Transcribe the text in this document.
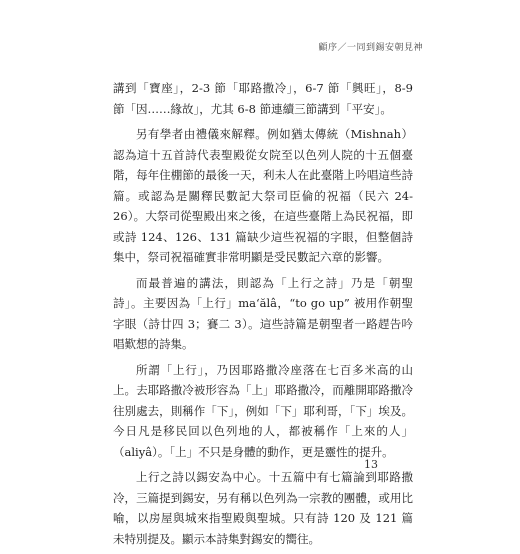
顧序／一同到錫安朝見神

講到「寶座」，2-3 節「耶路撒冷」，6-7 節「興旺」，8-9 節「因……緣故」，尤其 6-8 節連續三節講到「平安」。

另有學者由禮儀來解釋。例如猶太傳統（Mishnah）認為這十五首詩代表聖殿從女院至以色列人院的十五個臺階，每年住棚節的最後一天，利未人在此臺階上吟唱這些詩篇。或認為是關釋民數記大祭司臣倫的祝福（民六 24-26）。大祭司從聖殿出來之後，在這些臺階上為民祝福，即或詩 124、126、131 篇缺少這些祝福的字眼，但整個詩集中，祭司祝福確實非常明顯是受民數記六章的影響。

而最普遍的講法，則認為「上行之詩」乃是「朝聖詩」。主要因為「上行」ma‘ălâ，“to go up” 被用作朝聖字眼（詩廿四 3；賽二 3）。這些詩篇是朝聖者一路趕告吟唱歎想的詩集。

所謂「上行」，乃因耶路撒冷座落在七百多米高的山上。去耶路撒冷被形容為「上」耶路撒冷，而離開耶路撒冷往別處去，則稱作「下」，例如「下」耶利哥，「下」埃及。今日凡是移民回以色列地的人，都被稱作「上來的人」（aliyâ）。「上」不只是身體的動作，更是靈性的提升。

上行之詩以錫安為中心。十五篇中有七篇論到耶路撒冷，三篇提到錫安，另有稱以色列為一宗教的團體，或用比喻，以房屋與城來指聖殿與聖城。只有詩 120 及 121 篇未特別提及。顯示本詩集對錫安的嚮往。

13
